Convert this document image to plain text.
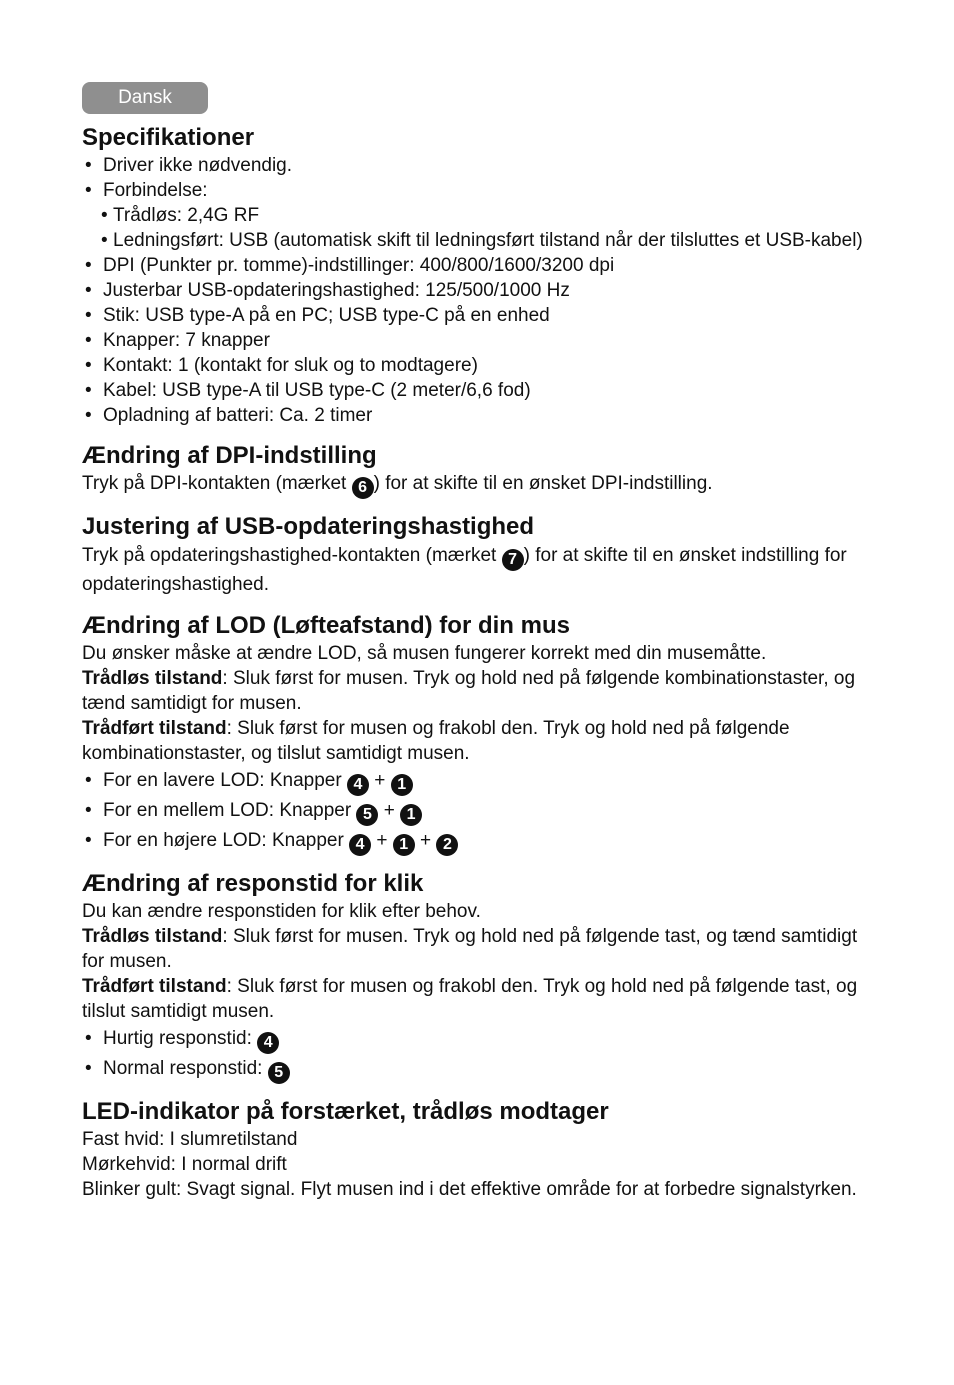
Dansk
Specifikationer
• Driver ikke nødvendig.
• Forbindelse:
• Trådløs: 2,4G RF
• Ledningsført: USB (automatisk skift til ledningsført tilstand når der tilsluttes et USB-kabel)
• DPI (Punkter pr. tomme)-indstillinger: 400/800/1600/3200 dpi
• Justerbar USB-opdateringshastighed: 125/500/1000 Hz
• Stik: USB type-A på en PC; USB type-C på en enhed
• Knapper: 7 knapper
• Kontakt: 1 (kontakt for sluk og to modtagere)
• Kabel: USB type-A til USB type-C (2 meter/6,6 fod)
• Opladning af batteri: Ca. 2 timer
Ændring af DPI-indstilling

Tryk på DPI-kontakten (mærket 6 ) for at skifte til en ønsket DPI-indstilling.

Justering af USB-opdateringshastighed

Tryk på opdateringshastighed-kontakten (mærket 7 ) for at skifte til en ønsket indstilling for opdateringshastighed.

Ændring af LOD (Løfteafstand) for din mus

Du ønsker måske at ændre LOD, så musen fungerer korrekt med din musemåtte.

Trådløs tilstand: Sluk først for musen. Tryk og hold ned på følgende kombinationstaster, og tænd samtidigt for musen.

Trådført tilstand: Sluk først for musen og frakobl den. Tryk og hold ned på følgende kombinationstaster, og tilslut samtidigt musen.

• For en lavere LOD: Knapper 4 + 1
• For en mellem LOD: Knapper 5 + 1
• For en højere LOD: Knapper 4 + 1 + 2
Ændring af responstid for klik

Du kan ændre responstiden for klik efter behov.

Trådløs tilstand: Sluk først for musen. Tryk og hold ned på følgende tast, og tænd samtidigt for musen.

Trådført tilstand: Sluk først for musen og frakobl den. Tryk og hold ned på følgende tast, og tilslut samtidigt musen.

• Hurtig responstid: 4
• Normal responstid: 5
LED-indikator på forstærket, trådløs modtager

Fast hvid: I slumretilstand

Mørkehvid: I normal drift

Blinker gult: Svagt signal. Flyt musen ind i det effektive område for at forbedre signalstyrken.
